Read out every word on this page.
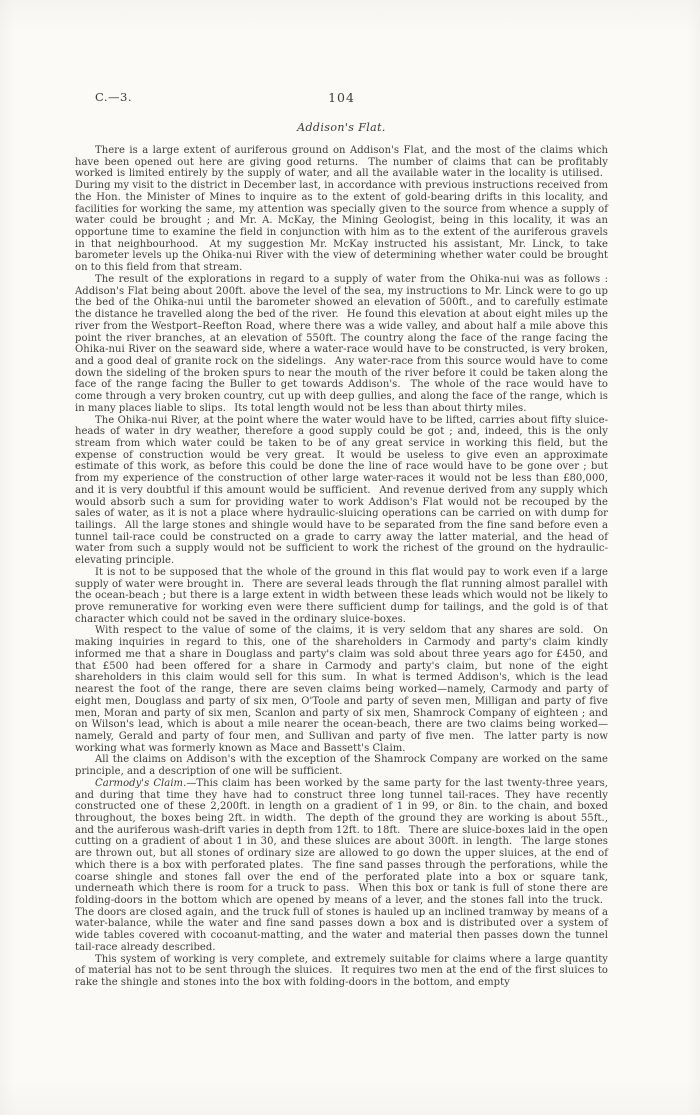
C.—3.	104
Addison's Flat.

There is a large extent of auriferous ground on Addison's Flat, and the most of the claims which have been opened out here are giving good returns.  The number of claims that can be profitably worked is limited entirely by the supply of water, and all the available water in the locality is utilised.  During my visit to the district in December last, in accordance with previous instructions received from the Hon. the Minister of Mines to inquire as to the extent of gold-bearing drifts in this locality, and facilities for working the same, my attention was specially given to the source from whence a supply of water could be brought ; and Mr. A. McKay, the Mining Geologist, being in this locality, it was an opportune time to examine the field in conjunction with him as to the extent of the auriferous gravels in that neighbourhood.  At my suggestion Mr. McKay instructed his assistant, Mr. Linck, to take barometer levels up the Ohika-nui River with the view of determining whether water could be brought on to this field from that stream.

The result of the explorations in regard to a supply of water from the Ohika-nui was as follows : Addison's Flat being about 200ft. above the level of the sea, my instructions to Mr. Linck were to go up the bed of the Ohika-nui until the barometer showed an elevation of 500ft., and to carefully estimate the distance he travelled along the bed of the river.  He found this elevation at about eight miles up the river from the Westport–Reefton Road, where there was a wide valley, and about half a mile above this point the river branches, at an elevation of 550ft. The country along the face of the range facing the Ohika-nui River on the seaward side, where a water-race would have to be constructed, is very broken, and a good deal of granite rock on the sidelings.  Any water-race from this source would have to come down the sideling of the broken spurs to near the mouth of the river before it could be taken along the face of the range facing the Buller to get towards Addison's.  The whole of the race would have to come through a very broken country, cut up with deep gullies, and along the face of the range, which is in many places liable to slips.  Its total length would not be less than about thirty miles.

The Ohika-nui River, at the point where the water would have to be lifted, carries about fifty sluice-heads of water in dry weather, therefore a good supply could be got ; and, indeed, this is the only stream from which water could be taken to be of any great service in working this field, but the expense of construction would be very great.  It would be useless to give even an approximate estimate of this work, as before this could be done the line of race would have to be gone over ; but from my experience of the construction of other large water-races it would not be less than £80,000, and it is very doubtful if this amount would be sufficient.  And revenue derived from any supply which would absorb such a sum for providing water to work Addison's Flat would not be recouped by the sales of water, as it is not a place where hydraulic-sluicing operations can be carried on with dump for tailings.  All the large stones and shingle would have to be separated from the fine sand before even a tunnel tail-race could be constructed on a grade to carry away the latter material, and the head of water from such a supply would not be sufficient to work the richest of the ground on the hydraulic-elevating principle.

It is not to be supposed that the whole of the ground in this flat would pay to work even if a large supply of water were brought in.  There are several leads through the flat running almost parallel with the ocean-beach ; but there is a large extent in width between these leads which would not be likely to prove remunerative for working even were there sufficient dump for tailings, and the gold is of that character which could not be saved in the ordinary sluice-boxes.

With respect to the value of some of the claims, it is very seldom that any shares are sold.  On making inquiries in regard to this, one of the shareholders in Carmody and party's claim kindly informed me that a share in Douglass and party's claim was sold about three years ago for £450, and that £500 had been offered for a share in Carmody and party's claim, but none of the eight shareholders in this claim would sell for this sum.  In what is termed Addison's, which is the lead nearest the foot of the range, there are seven claims being worked—namely, Carmody and party of eight men, Douglass and party of six men, O'Toole and party of seven men, Milligan and party of five men, Moran and party of six men, Scanlon and party of six men, Shamrock Company of eighteen ; and on Wilson's lead, which is about a mile nearer the ocean-beach, there are two claims being worked—namely, Gerald and party of four men, and Sullivan and party of five men.  The latter party is now working what was formerly known as Mace and Bassett's Claim.

All the claims on Addison's with the exception of the Shamrock Company are worked on the same principle, and a description of one will be sufficient.

Carmody's Claim.—This claim has been worked by the same party for the last twenty-three years, and during that time they have had to construct three long tunnel tail-races. They have recently constructed one of these 2,200ft. in length on a gradient of 1 in 99, or 8in. to the chain, and boxed throughout, the boxes being 2ft. in width.  The depth of the ground they are working is about 55ft., and the auriferous wash-drift varies in depth from 12ft. to 18ft.  There are sluice-boxes laid in the open cutting on a gradient of about 1 in 30, and these sluices are about 300ft. in length.  The large stones are thrown out, but all stones of ordinary size are allowed to go down the upper sluices, at the end of which there is a box with perforated plates.  The fine sand passes through the perforations, while the coarse shingle and stones fall over the end of the perforated plate into a box or square tank, underneath which there is room for a truck to pass.  When this box or tank is full of stone there are folding-doors in the bottom which are opened by means of a lever, and the stones fall into the truck.  The doors are closed again, and the truck full of stones is hauled up an inclined tramway by means of a water-balance, while the water and fine sand passes down a box and is distributed over a system of wide tables covered with cocoanut-matting, and the water and material then passes down the tunnel tail-race already described.

This system of working is very complete, and extremely suitable for claims where a large quantity of material has not to be sent through the sluices.  It requires two men at the end of the first sluices to rake the shingle and stones into the box with folding-doors in the bottom, and empty
